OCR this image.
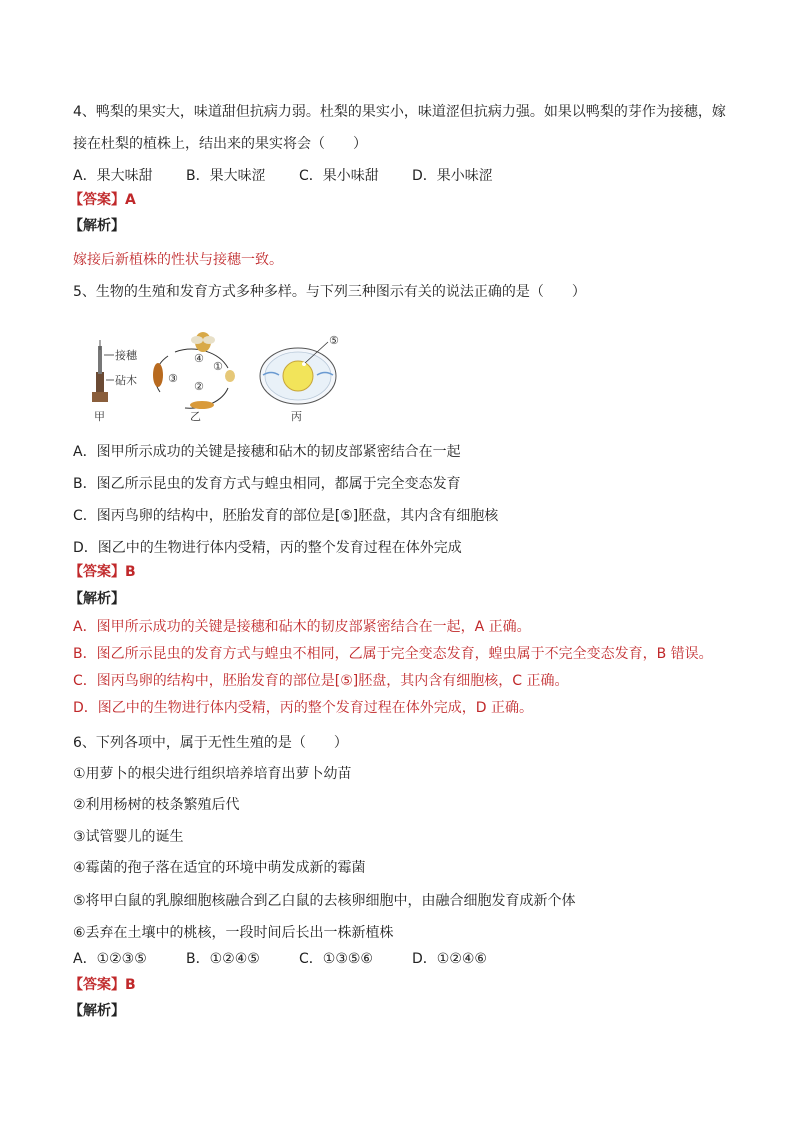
4、鸭梨的果实大，味道甜但抗病力弱。杜梨的果实小，味道涩但抗病力强。如果以鸭梨的芽作为接穗，嫁
接在杜梨的植株上，结出来的果实将会（　　）
A．果大味甜 B．果大味涩 C．果小味甜 D．果小味涩
【答案】A
【解析】
嫁接后新植株的性状与接穗一致。
5、生物的生殖和发育方式多种多样。与下列三种图示有关的说法正确的是（　　）
接穗
砧木
甲
④
①
②
③
乙
⑤
丙
A．图甲所示成功的关键是接穗和砧木的韧皮部紧密结合在一起
B．图乙所示昆虫的发育方式与蝗虫相同，都属于完全变态发育
C．图丙鸟卵的结构中，胚胎发育的部位是[⑤]胚盘，其内含有细胞核
D．图乙中的生物进行体内受精，丙的整个发育过程在体外完成
【答案】B
【解析】
A．图甲所示成功的关键是接穗和砧木的韧皮部紧密结合在一起，A 正确。
B．图乙所示昆虫的发育方式与蝗虫不相同，乙属于完全变态发育，蝗虫属于不完全变态发育，B 错误。
C．图丙鸟卵的结构中，胚胎发育的部位是[⑤]胚盘，其内含有细胞核，C 正确。
D．图乙中的生物进行体内受精，丙的整个发育过程在体外完成，D 正确。
6、下列各项中，属于无性生殖的是（　　）
①用萝卜的根尖进行组织培养培育出萝卜幼苗
②利用杨树的枝条繁殖后代
③试管婴儿的诞生
④霉菌的孢子落在适宜的环境中萌发成新的霉菌
⑤将甲白鼠的乳腺细胞核融合到乙白鼠的去核卵细胞中，由融合细胞发育成新个体
⑥丢弃在土壤中的桃核，一段时间后长出一株新植株
A．①②③⑤	B．①②④⑤	C．①③⑤⑥	D．①②④⑥
【答案】B
【解析】
